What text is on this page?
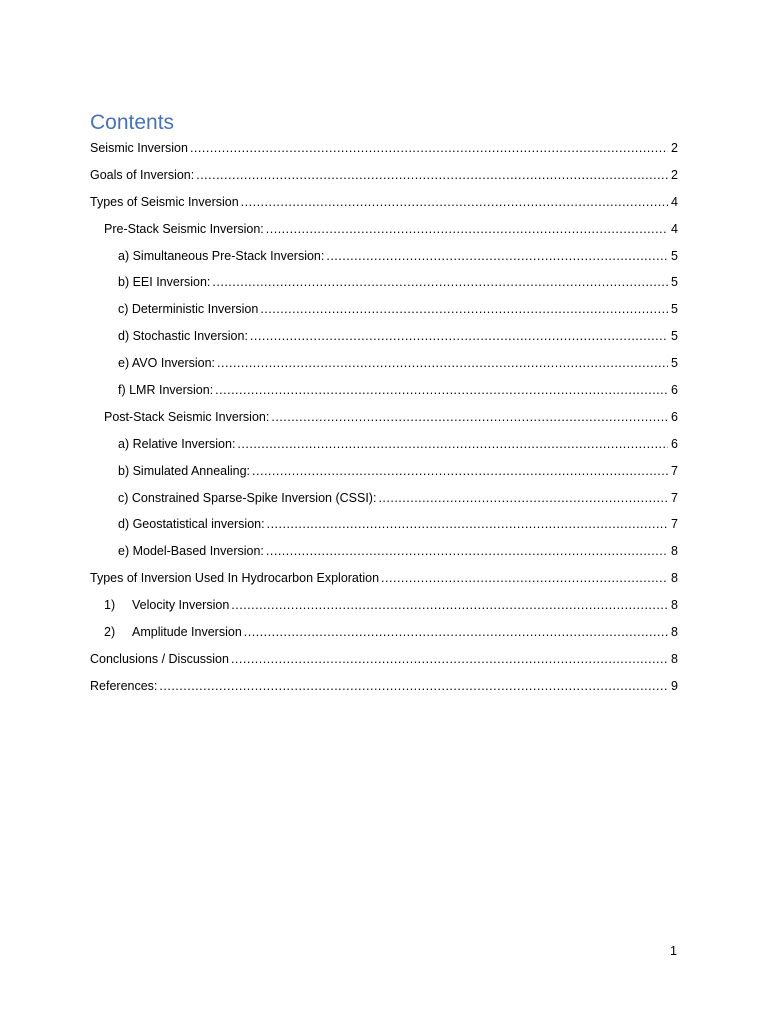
Contents
Seismic Inversion .....	2
Goals of Inversion: .....	2
Types of Seismic Inversion .....	4
Pre-Stack Seismic Inversion: .....	4
a) Simultaneous Pre-Stack Inversion: .....	5
b) EEI Inversion: .....	5
c) Deterministic Inversion .....	5
d) Stochastic Inversion: .....	5
e) AVO Inversion: .....	5
f) LMR Inversion: .....	6
Post-Stack Seismic Inversion: .....	6
a) Relative Inversion: .....	6
b) Simulated Annealing: .....	7
c) Constrained Sparse-Spike Inversion (CSSI): .....	7
d) Geostatistical inversion: .....	7
e) Model-Based Inversion: .....	8
Types of Inversion Used In Hydrocarbon Exploration .....	8
1)	Velocity Inversion .....	8
2)	Amplitude Inversion .....	8
Conclusions / Discussion .....	8
References: .....	9
1
